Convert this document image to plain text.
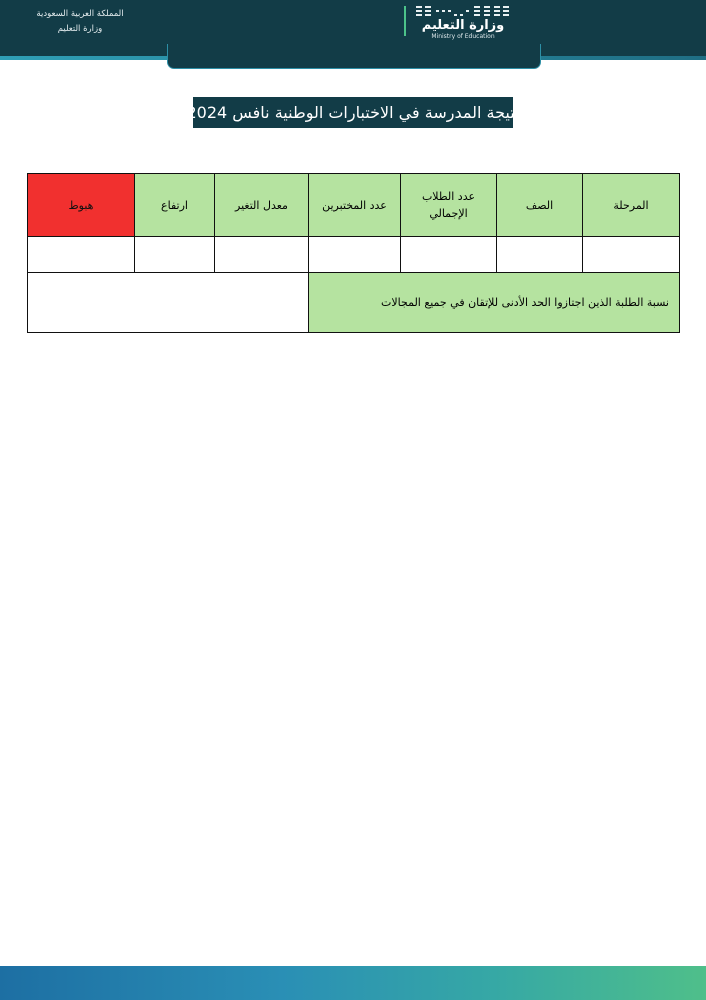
المملكة العربية السعودية
وزارة التعليم	وزارة التعليم
Ministry of Education
نتيجة المدرسة في الاختبارات الوطنية نافس 2024
المرحلة	الصف	عدد الطلاب الإجمالي	عدد المختبرين	معدل التغير	ارتفاع	هبوط

نسبة الطلبة الذين اجتازوا الحد الأدنى للإتقان في جميع المجالات						
